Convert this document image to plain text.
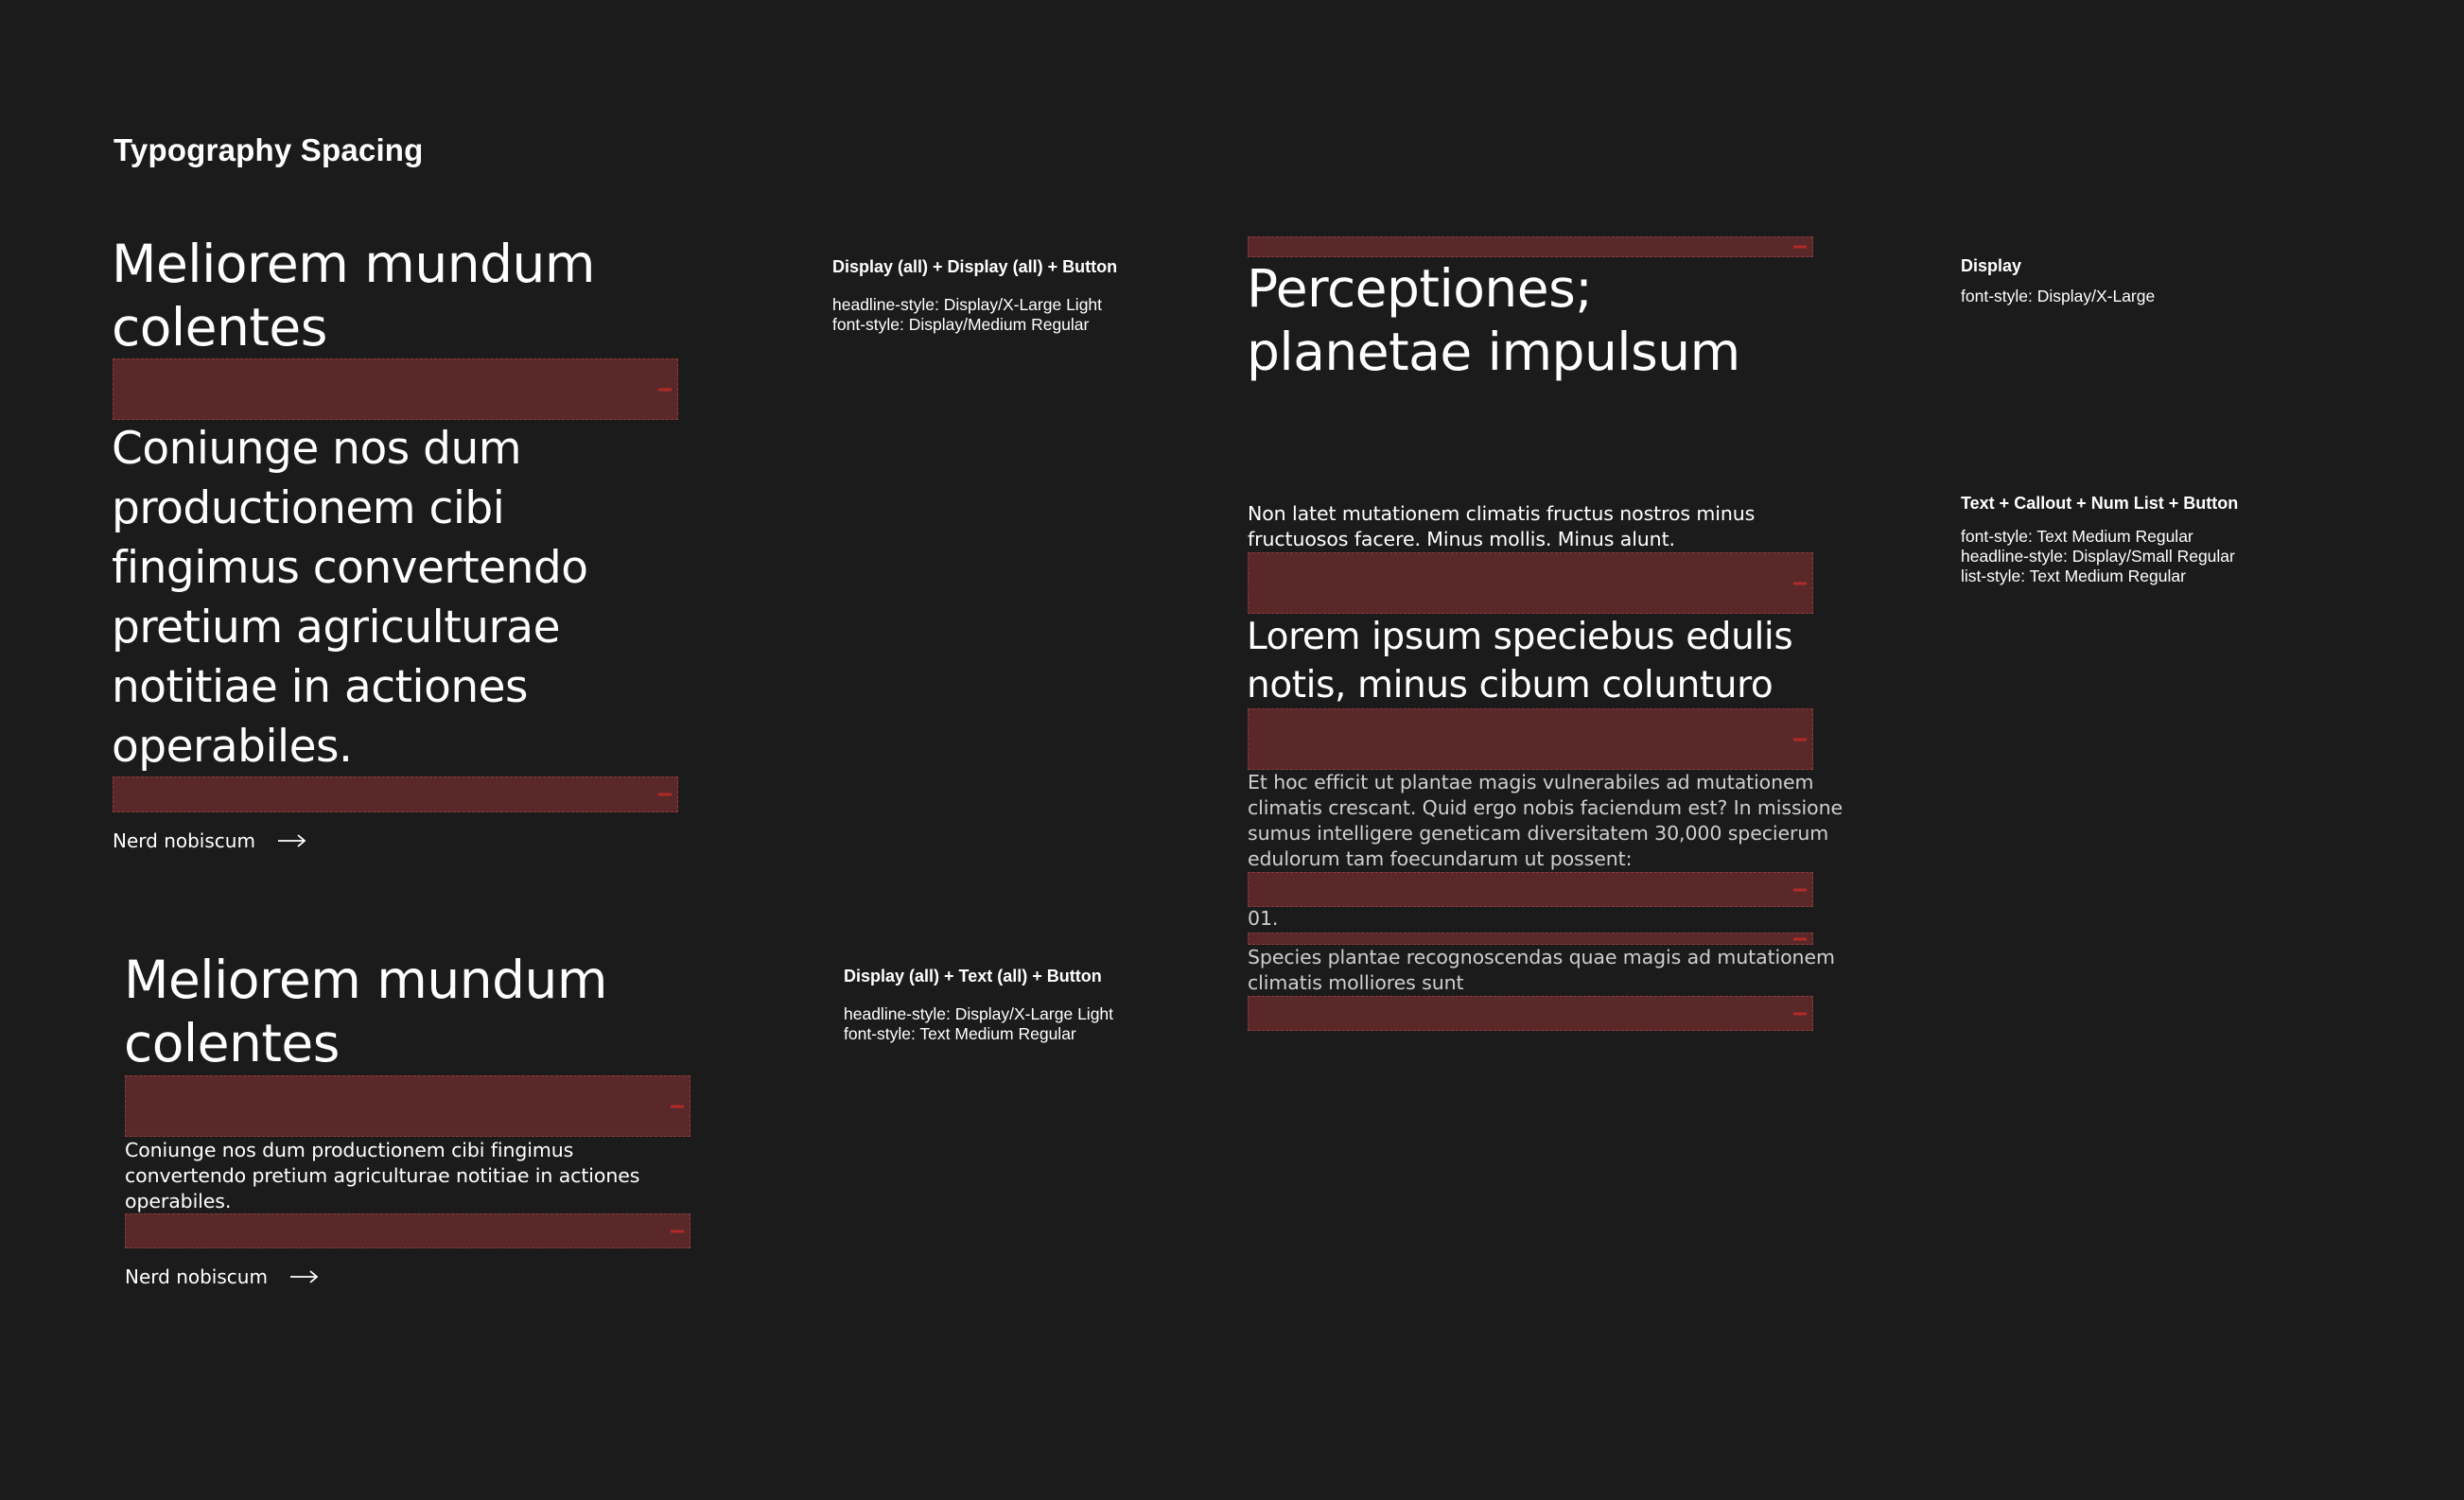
Typography Spacing
Meliorem mundum
colentes
Coniunge nos dum
productionem cibi
fingimus convertendo
pretium agriculturae
notitiae in actiones
operabiles.
Nerd nobiscum
Display (all) + Display (all) + Button
headline-style: Display/X-Large Light
font-style: Display/Medium Regular
Meliorem mundum
colentes
Coniunge nos dum productionem cibi fingimus
convertendo pretium agriculturae notitiae in actiones
operabiles.
Nerd nobiscum
Display (all) + Text (all) + Button
headline-style: Display/X-Large Light
font-style: Text Medium Regular
Perceptiones;
planetae impulsum
Non latet mutationem climatis fructus nostros minus
fructuosos facere. Minus mollis. Minus alunt.
Lorem ipsum speciebus edulis
notis, minus cibum colunturo
Et hoc efficit ut plantae magis vulnerabiles ad mutationem
climatis crescant. Quid ergo nobis faciendum est? In missione
sumus intelligere geneticam diversitatem 30,000 specierum
edulorum tam foecundarum ut possent:
01.
Species plantae recognoscendas quae magis ad mutationem
climatis molliores sunt
Display
font-style: Display/X-Large
Text + Callout + Num List + Button
font-style: Text Medium Regular
headline-style: Display/Small Regular
list-style: Text Medium Regular
